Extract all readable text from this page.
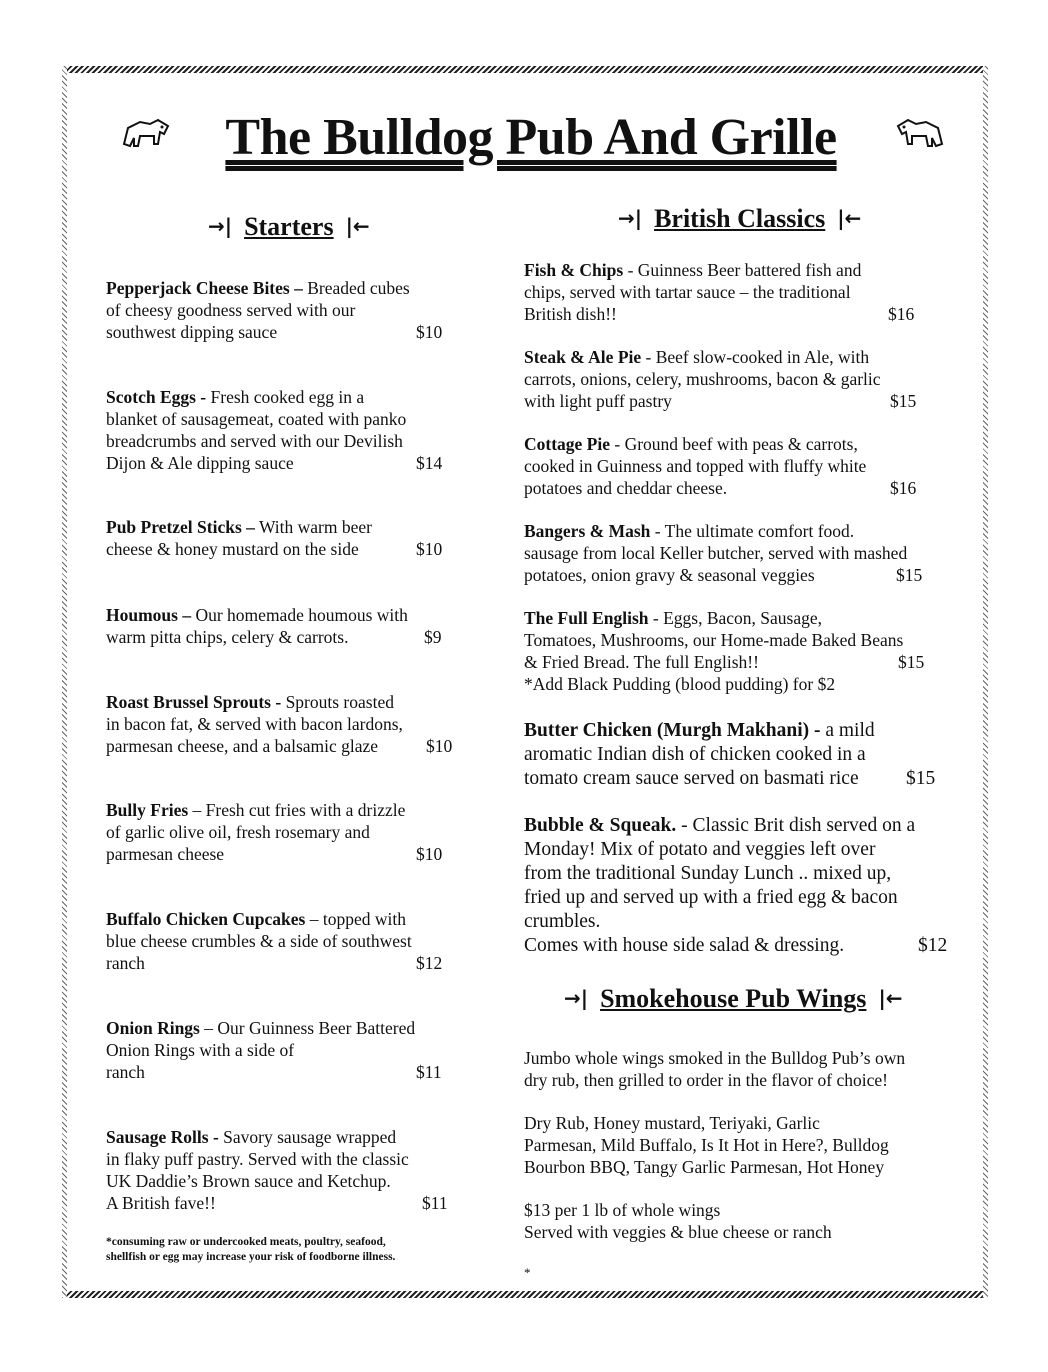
The Bulldog Pub And Grille
→| Starters |←
Pepperjack Cheese Bites – Breaded cubes
of cheesy goodness served with our
southwest dipping sauce	$10
Scotch Eggs - Fresh cooked egg in a
blanket of sausagemeat, coated with panko
breadcrumbs and served with our Devilish
Dijon & Ale dipping sauce	$14
Pub Pretzel Sticks – With warm beer
cheese & honey mustard on the side	$10
Houmous – Our homemade houmous with
warm pitta chips, celery & carrots.	$9
Roast Brussel Sprouts - Sprouts roasted
in bacon fat, & served with bacon lardons,
parmesan cheese, and a balsamic glaze	$10
Bully Fries – Fresh cut fries with a drizzle
of garlic olive oil, fresh rosemary and
parmesan cheese	$10
Buffalo Chicken Cupcakes – topped with
blue cheese crumbles & a side of southwest
ranch	$12
Onion Rings – Our Guinness Beer Battered
Onion Rings with a side of
ranch	$11
Sausage Rolls - Savory sausage wrapped
in flaky puff pastry. Served with the classic
UK Daddie’s Brown sauce and Ketchup.
A British fave!!	$11
*consuming raw or undercooked meats, poultry, seafood,
shellfish or egg may increase your risk of foodborne illness.
→| British Classics |←
Fish & Chips - Guinness Beer battered fish and
chips, served with tartar sauce – the traditional
British dish!!	$16
Steak & Ale Pie - Beef slow-cooked in Ale, with
carrots, onions, celery, mushrooms, bacon & garlic
with light puff pastry	$15
Cottage Pie - Ground beef with peas & carrots,
cooked in Guinness and topped with fluffy white
potatoes and cheddar cheese.	$16
Bangers & Mash - The ultimate comfort food.
sausage from local Keller butcher, served with mashed
potatoes, onion gravy & seasonal veggies	$15
The Full English - Eggs, Bacon, Sausage,
Tomatoes, Mushrooms, our Home-made Baked Beans
& Fried Bread. The full English!!	$15
*Add Black Pudding (blood pudding) for $2
Butter Chicken (Murgh Makhani) - a mild
aromatic Indian dish of chicken cooked in a
tomato cream sauce served on basmati rice $15
Bubble & Squeak. - Classic Brit dish served on a
Monday! Mix of potato and veggies left over
from the traditional Sunday Lunch .. mixed up,
fried up and served up with a fried egg & bacon
crumbles.
Comes with house side salad & dressing.	$12
→| Smokehouse Pub Wings |←
Jumbo whole wings smoked in the Bulldog Pub’s own
dry rub, then grilled to order in the flavor of choice!
Dry Rub, Honey mustard, Teriyaki, Garlic
Parmesan, Mild Buffalo, Is It Hot in Here?, Bulldog
Bourbon BBQ, Tangy Garlic Parmesan, Hot Honey
$13 per 1 lb of whole wings
Served with veggies & blue cheese or ranch
*
